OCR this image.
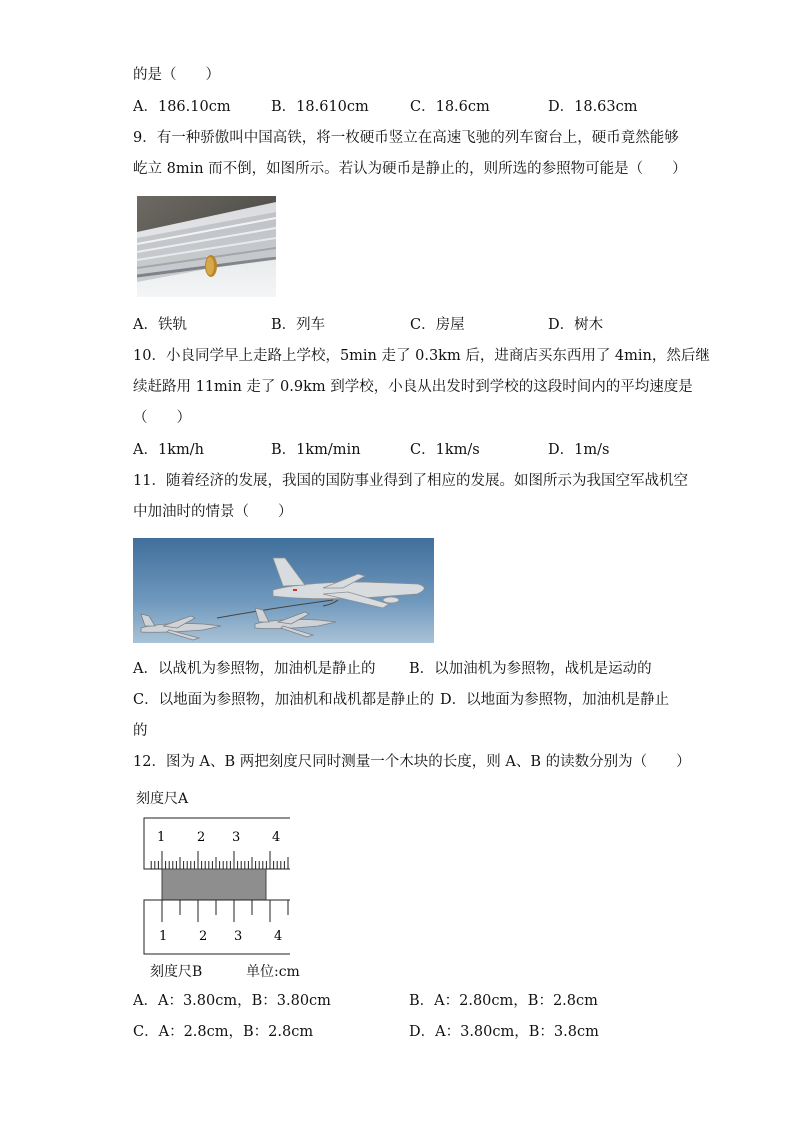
的是（　　）
A．186.10cm	B．18.610cm	C．18.6cm	D．18.63cm
9．有一种骄傲叫中国高铁，将一枚硬币竖立在高速飞驰的列车窗台上，硬币竟然能够
屹立 8min 而不倒，如图所示。若认为硬币是静止的，则所选的参照物可能是（　　）
A．铁轨	B．列车	C．房屋	D．树木
10．小良同学早上走路上学校，5min 走了 0.3km 后，进商店买东西用了 4min，然后继
续赶路用 11min 走了 0.9km 到学校，小良从出发时到学校的这段时间内的平均速度是
（　　）
A．1km/h	B．1km/min	C．1km/s	D．1m/s
11．随着经济的发展，我国的国防事业得到了相应的发展。如图所示为我国空军战机空
中加油时的情景（　　）
A．以战机为参照物，加油机是静止的 B．以加油机为参照物，战机是运动的
C．以地面为参照物，加油机和战机都是静止的 D．以地面为参照物，加油机是静止
的
12．图为 A、B 两把刻度尺同时测量一个木块的长度，则 A、B 的读数分别为（　　）
刻度尺A
1 2 3 4
1 2 3 4
刻度尺B	单位:cm
A．A：3.80cm，B：3.80cm	B．A：2.80cm，B：2.8cm
C．A：2.8cm，B：2.8cm	D．A：3.80cm，B：3.8cm
